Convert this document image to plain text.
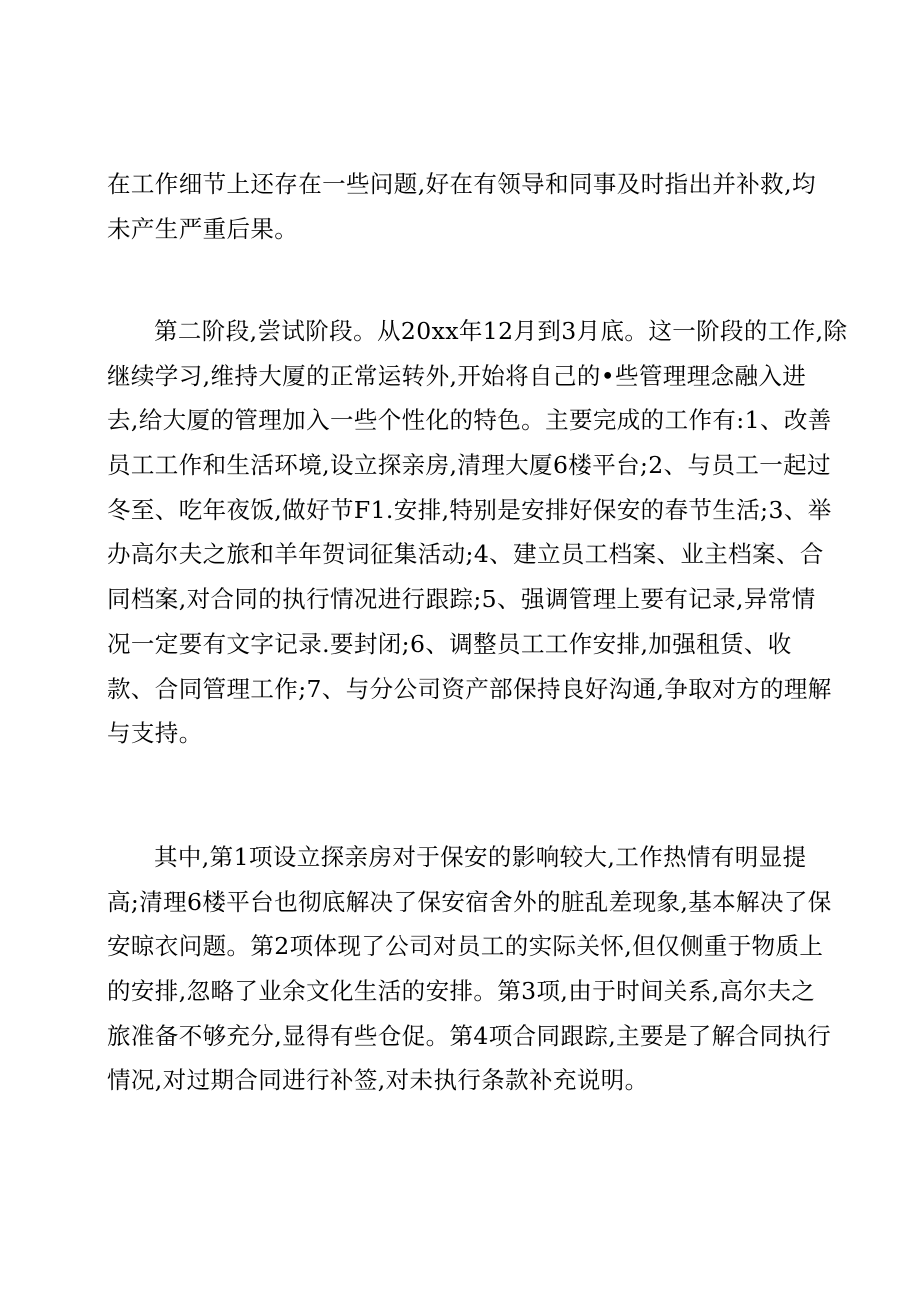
在工作细节上还存在一些问题,好在有领导和同事及时指出并补救,均
未产生严重后果。
第二阶段,尝试阶段。从20xx年12月到3月底。这一阶段的工作,除
继续学习,维持大厦的正常运转外,开始将自己的•些管理理念融入进
去,给大厦的管理加入一些个性化的特色。主要完成的工作有:1、改善
员工工作和生活环境,设立探亲房,清理大厦6楼平台;2、与员工一起过
冬至、吃年夜饭,做好节F1.安排,特别是安排好保安的春节生活;3、举
办高尔夫之旅和羊年贺词征集活动;4、建立员工档案、业主档案、合
同档案,对合同的执行情况进行跟踪;5、强调管理上要有记录,异常情
况一定要有文字记录.要封闭;6、调整员工工作安排,加强租赁、收
款、合同管理工作;7、与分公司资产部保持良好沟通,争取对方的理解
与支持。
其中,第1项设立探亲房对于保安的影响较大,工作热情有明显提
高;清理6楼平台也彻底解决了保安宿舍外的脏乱差现象,基本解决了保
安晾衣问题。第2项体现了公司对员工的实际关怀,但仅侧重于物质上
的安排,忽略了业余文化生活的安排。第3项,由于时间关系,高尔夫之
旅准备不够充分,显得有些仓促。第4项合同跟踪,主要是了解合同执行
情况,对过期合同进行补签,对未执行条款补充说明。
